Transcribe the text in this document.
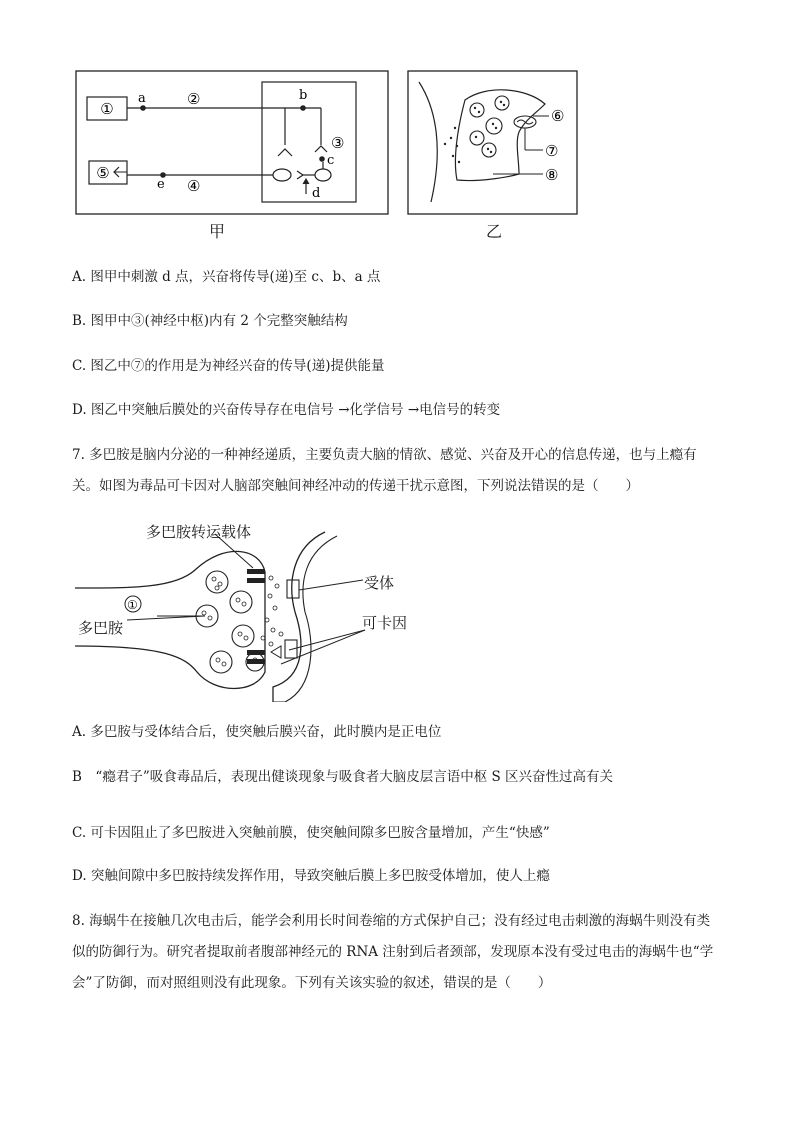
①
⑤
a	②	b
③
c
d
e ④
甲
⑦
⑥
⑧
乙
A. 图甲中刺激 d 点，兴奋将传导(递)至 c、b、a 点
B. 图甲中③(神经中枢)内有 2 个完整突触结构
C. 图乙中⑦的作用是为神经兴奋的传导(递)提供能量
D. 图乙中突触后膜处的兴奋传导存在电信号 →化学信号 →电信号的转变
7. 多巴胺是脑内分泌的一种神经递质，主要负责大脑的情欲、感觉、兴奋及开心的信息传递，也与上瘾有关。如图为毒品可卡因对人脑部突触间神经冲动的传递干扰示意图，下列说法错误的是（　　）
①
多巴胺转运载体
受体
多巴胺	可卡因
A. 多巴胺与受体结合后，使突触后膜兴奋，此时膜内是正电位
B　“瘾君子”吸食毒品后，表现出健谈现象与吸食者大脑皮层言语中枢 S 区兴奋性过高有关
C. 可卡因阻止了多巴胺进入突触前膜，使突触间隙多巴胺含量增加，产生“快感”
D. 突触间隙中多巴胺持续发挥作用，导致突触后膜上多巴胺受体增加，使人上瘾
8. 海蜗牛在接触几次电击后，能学会利用长时间卷缩的方式保护自己；没有经过电击刺激的海蜗牛则没有类似的防御行为。研究者提取前者腹部神经元的 RNA 注射到后者颈部，发现原本没有受过电击的海蜗牛也“学会”了防御，而对照组则没有此现象。下列有关该实验的叙述，错误的是（　　）
